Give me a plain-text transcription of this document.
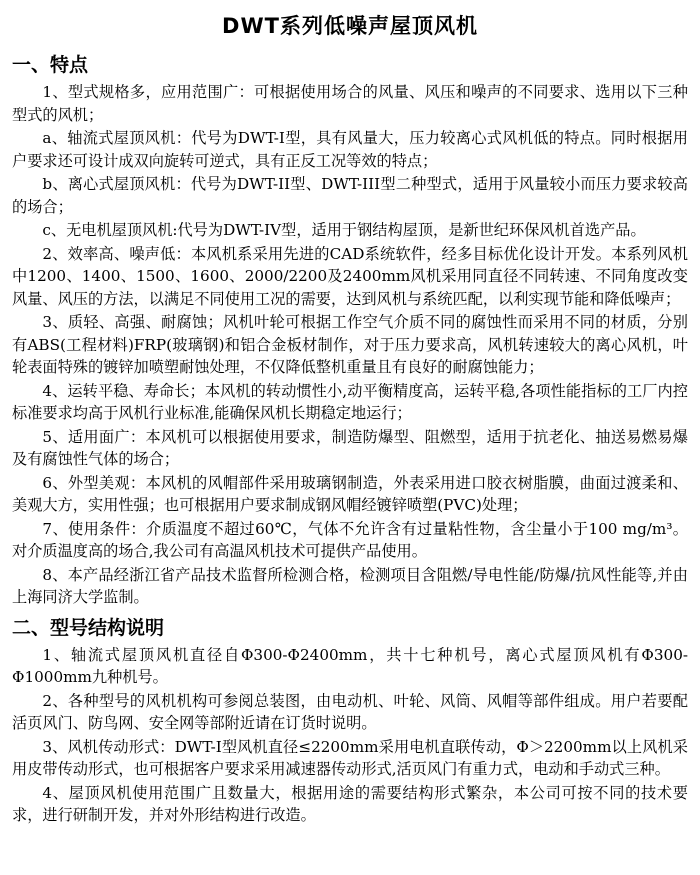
DWT系列低噪声屋顶风机
一、特点

1、型式规格多，应用范围广：可根据使用场合的风量、风压和噪声的不同要求、选用以下三种型式的风机；

a、轴流式屋顶风机：代号为DWT-I型，具有风量大，压力较离心式风机低的特点。同时根据用户要求还可设计成双向旋转可逆式，具有正反工况等效的特点；

b、离心式屋顶风机：代号为DWT-II型、DWT-III型二种型式，适用于风量较小而压力要求较高的场合；

c、无电机屋顶风机:代号为DWT-IV型，适用于钢结构屋顶，是新世纪环保风机首选产品。

2、效率高、噪声低：本风机系采用先进的CAD系统软件，经多目标优化设计开发。本系列风机中1200、1400、1500、1600、2000/2200及2400mm风机采用同直径不同转速、不同角度改变风量、风压的方法，以满足不同使用工况的需要，达到风机与系统匹配，以利实现节能和降低噪声；

3、质轻、高强、耐腐蚀；风机叶轮可根据工作空气介质不同的腐蚀性而采用不同的材质，分别有ABS(工程材料)FRP(玻璃钢)和铝合金板材制作，对于压力要求高，风机转速较大的离心风机，叶轮表面特殊的镀锌加喷塑耐蚀处理，不仅降低整机重量且有良好的耐腐蚀能力；

4、运转平稳、寿命长；本风机的转动惯性小,动平衡精度高，运转平稳,各项性能指标的工厂内控标准要求均高于风机行业标准,能确保风机长期稳定地运行；

5、适用面广：本风机可以根据使用要求，制造防爆型、阻燃型，适用于抗老化、抽送易燃易爆及有腐蚀性气体的场合；

6、外型美观：本风机的风帽部件采用玻璃钢制造，外表采用进口胶衣树脂膜，曲面过渡柔和、美观大方，实用性强；也可根据用户要求制成钢风帽经镀锌喷塑(PVC)处理；

7、使用条件：介质温度不超过60℃，气体不允许含有过量粘性物，含尘量小于100 mg/m³。对介质温度高的场合,我公司有高温风机技术可提供产品使用。

8、本产品经浙江省产品技术监督所检测合格，检测项目含阻燃/导电性能/防爆/抗风性能等,并由上海同济大学监制。

二、型号结构说明

1、轴流式屋顶风机直径自Φ300-Φ2400mm，共十七种机号，离心式屋顶风机有Φ300-Φ1000mm九种机号。

2、各种型号的风机机构可参阅总装图，由电动机、叶轮、风筒、风帽等部件组成。用户若要配活页风门、防鸟网、安全网等部附近请在订货时说明。

3、风机传动形式：DWT-I型风机直径≤2200mm采用电机直联传动，Φ＞2200mm以上风机采用皮带传动形式，也可根据客户要求采用减速器传动形式,活页风门有重力式，电动和手动式三种。

4、屋顶风机使用范围广且数量大，根据用途的需要结构形式繁杂，本公司可按不同的技术要求，进行研制开发，并对外形结构进行改造。
